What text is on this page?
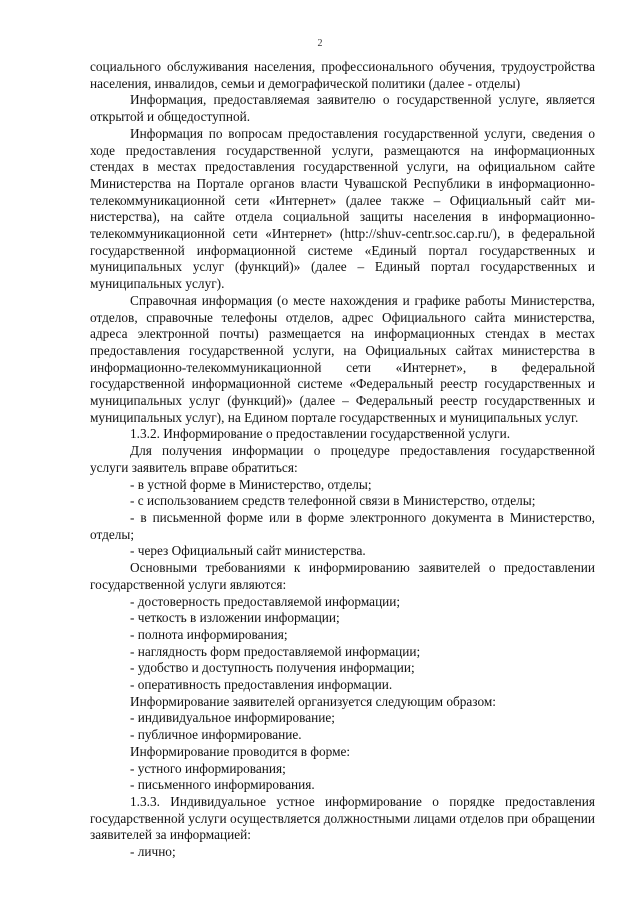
2

социального обслуживания населения, профессионального обучения, трудоустройства населения, инвалидов, семьи и демографической политики (далее - отделы)

Информация, предоставляемая заявителю о государственной услуге, является открытой и общедоступной.

Информация по вопросам предоставления государственной услуги, сведения о ходе предоставления государственной услуги, размещаются на информационных стендах в местах предоставления государственной услуги, на официальном сайте Министерства на Портале органов власти Чувашской Республики в информационно-телекоммуникационной сети «Интернет» (далее также – Официальный сайт министерства), на сайте отдела социальной защиты населения в информационно-телекоммуникационной сети «Интернет» (http://shuv-centr.soc.cap.ru/), в федеральной государственной информационной системе «Единый портал государственных и муниципальных услуг (функций)» (далее – Единый портал государственных и муниципальных услуг).

Справочная информация (о месте нахождения и графике работы Министерства, отделов, справочные телефоны отделов, адрес Официального сайта министерства, адреса электронной почты) размещается на информационных стендах в местах предоставления государственной услуги, на Официальных сайтах министерства в информационно-телекоммуникационной сети «Интернет», в федеральной государственной информационной системе «Федеральный реестр государственных и муниципальных услуг (функций)» (далее – Федеральный реестр государственных и муниципальных услуг), на Едином портале государственных и муниципальных услуг.

1.3.2. Информирование о предоставлении государственной услуги.

Для получения информации о процедуре предоставления государственной услуги заявитель вправе обратиться:

- в устной форме в Министерство, отделы;

- с использованием средств телефонной связи в Министерство, отделы;

- в письменной форме или в форме электронного документа в Министерство, отделы;

- через Официальный сайт министерства.

Основными требованиями к информированию заявителей о предоставлении государственной услуги являются:

- достоверность предоставляемой информации;

- четкость в изложении информации;

- полнота информирования;

- наглядность форм предоставляемой информации;

- удобство и доступность получения информации;

- оперативность предоставления информации.

Информирование заявителей организуется следующим образом:

- индивидуальное информирование;

- публичное информирование.

Информирование проводится в форме:

- устного информирования;

- письменного информирования.

1.3.3. Индивидуальное устное информирование о порядке предоставления государственной услуги осуществляется должностными лицами отделов при обращении заявителей за информацией:

- лично;
